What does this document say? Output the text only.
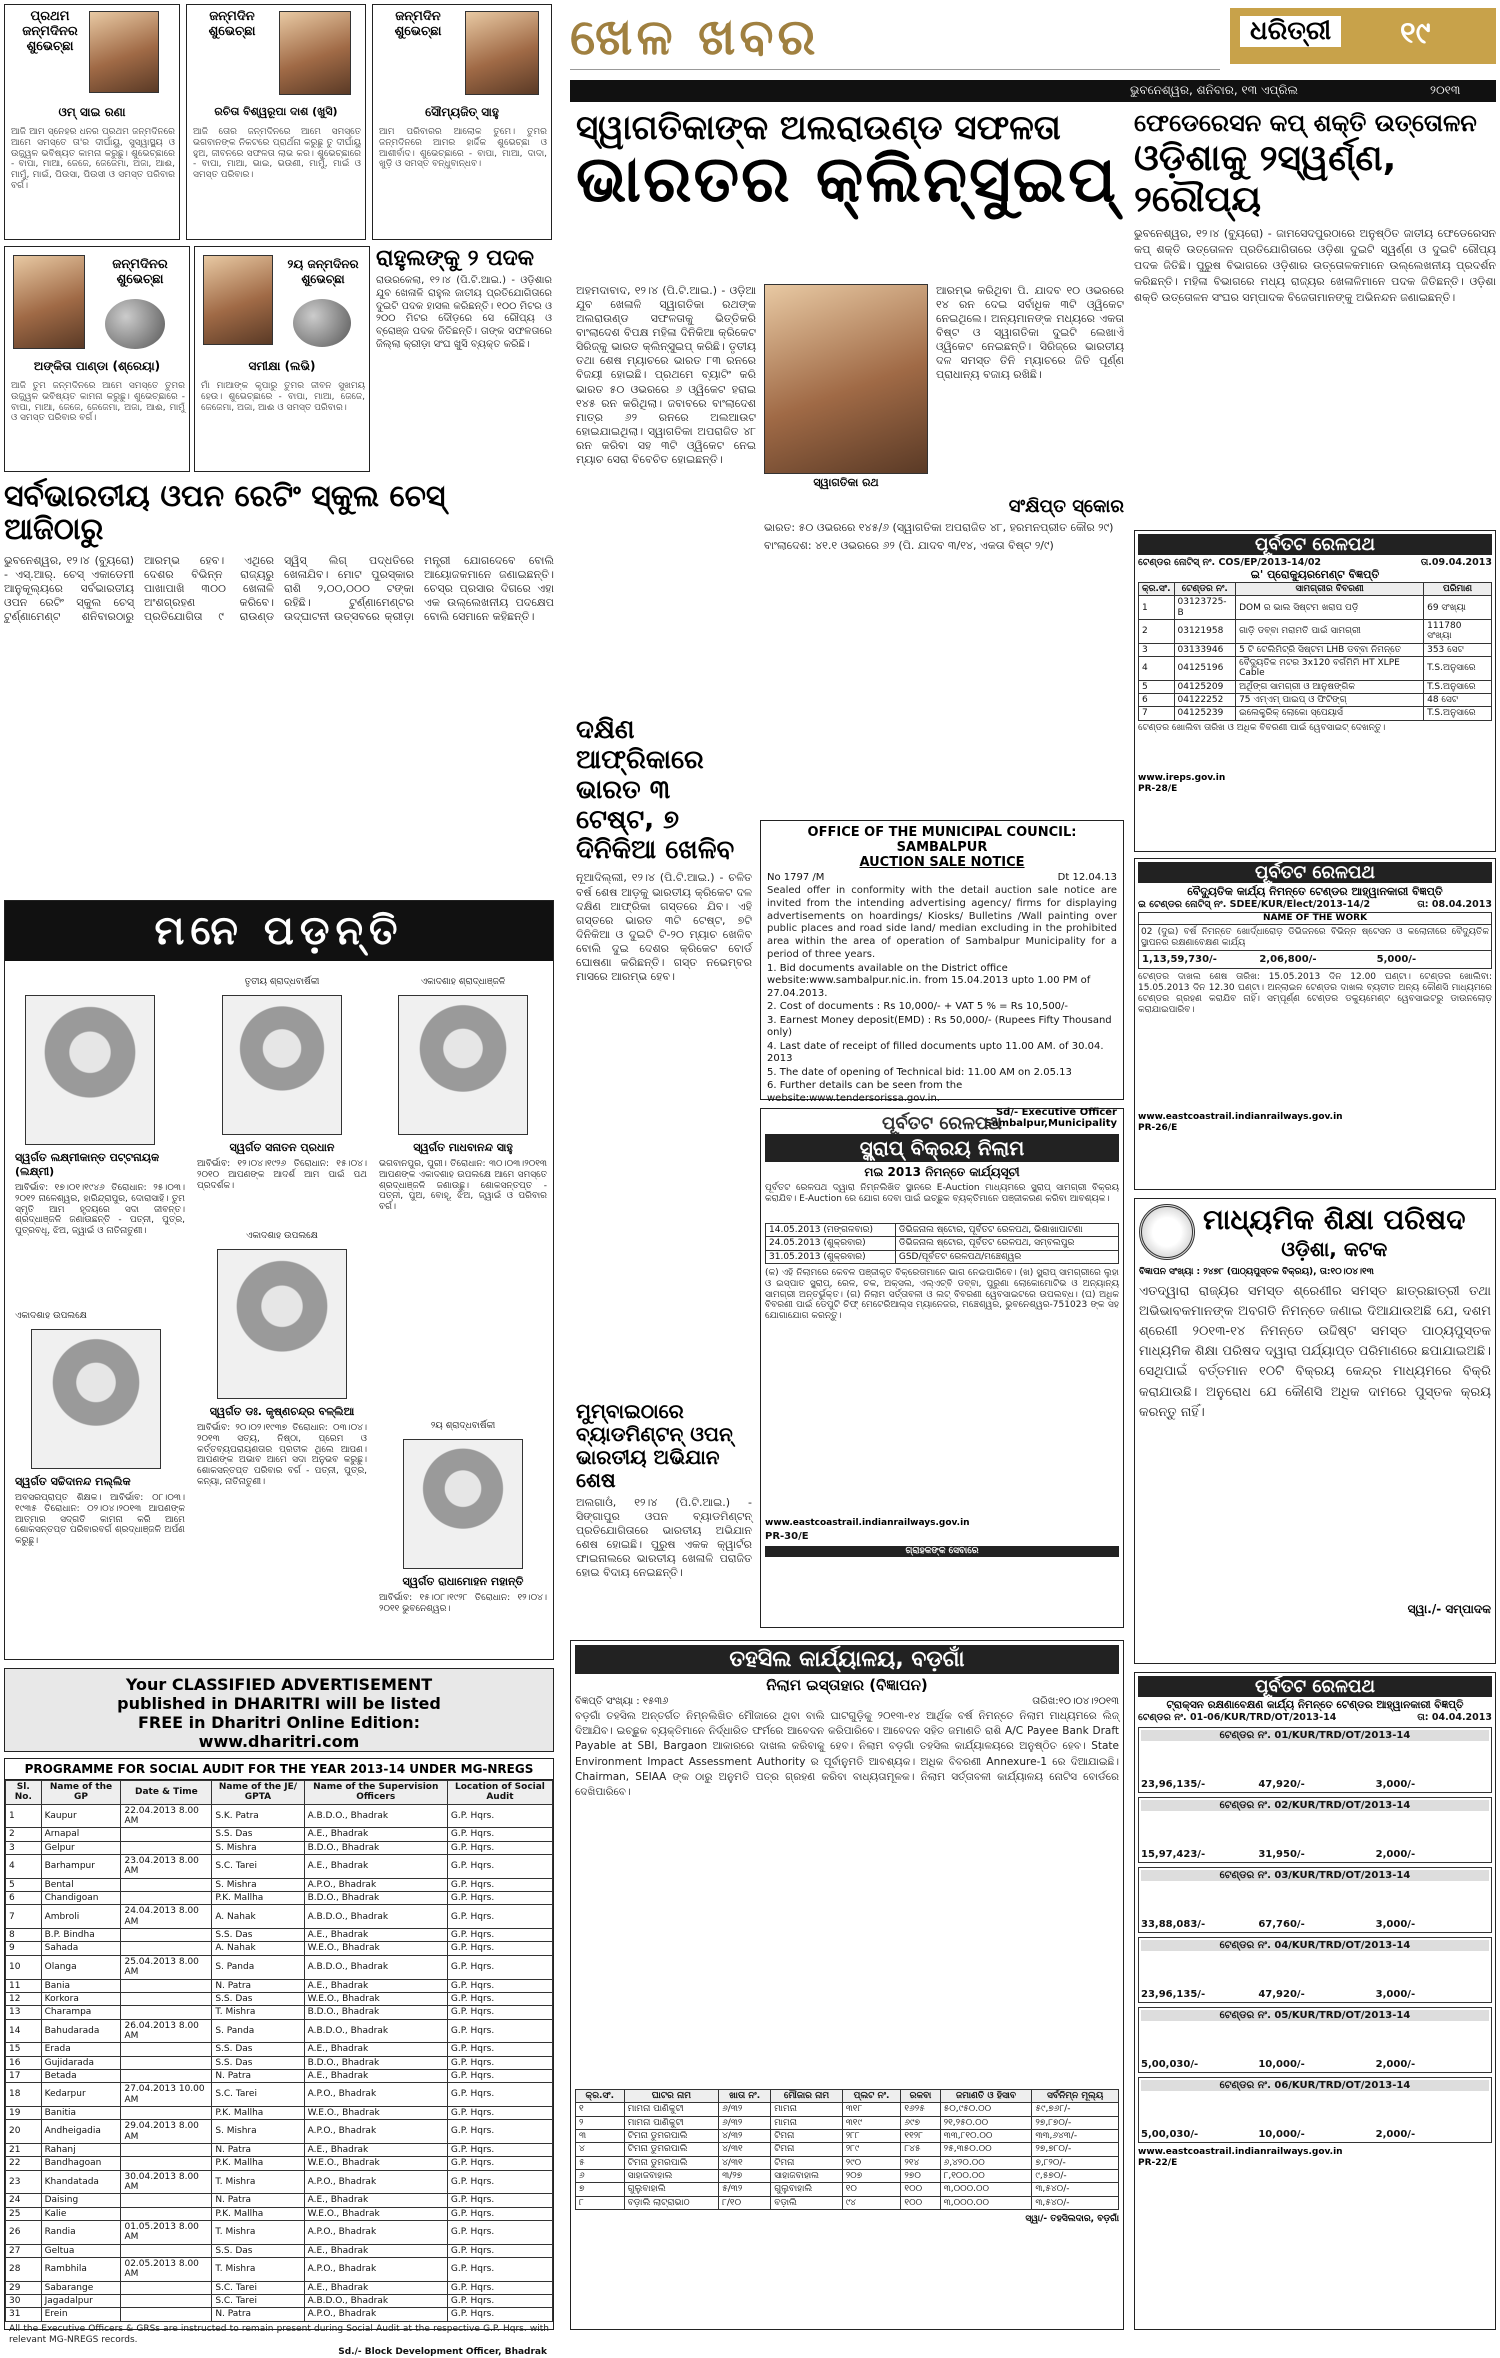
ପ୍ରଥମ ଜନ୍ମଦିନର ଶୁଭେଚ୍ଛା
ଓମ୍ ସାଇ ରଣା
ଆଜି ଆମ ସ୍ନେହର ଧନର ପ୍ରଥମ ଜନ୍ମଦିନରେ ଆମେ ସମସ୍ତେ ତା'ର ଦୀର୍ଘାୟୁ, ସୁସ୍ୱାସ୍ଥ୍ୟ ଓ ଉଜ୍ଜ୍ୱଳ ଭବିଷ୍ୟତ କାମନା କରୁଛୁ। ଶୁଭେଚ୍ଛାରେ - ବାପା, ମାଆ, ଜେଜେ, ଜେଜେମା, ଅଜା, ଆଈ, ମାମୁଁ, ମାଇଁ, ପିଉସା, ପିଉସୀ ଓ ସମସ୍ତ ପରିବାର ବର୍ଗ।
ଜନ୍ମଦିନ ଶୁଭେଚ୍ଛା
ରଚିତା ବିଶ୍ୱରୂପା ଦାଶ (ଖୁସି)
ଆଜି ତୋର ଜନ୍ମଦିନରେ ଆମେ ସମସ୍ତେ ଭଗବାନଙ୍କ ନିକଟରେ ପ୍ରାର୍ଥନା କରୁଛୁ ତୁ ଦୀର୍ଘାୟୁ ହୁଅ, ଜୀବନରେ ସଫଳତା ଲାଭ କର। ଶୁଭେଚ୍ଛାରେ - ବାପା, ମାଆ, ଭାଇ, ଭଉଣୀ, ମାମୁଁ, ମାଇଁ ଓ ସମସ୍ତ ପରିବାର।
ଜନ୍ମଦିନ ଶୁଭେଚ୍ଛା
ସୌମ୍ୟଜିତ୍ ସାହୁ
ଆମ ପରିବାରର ଆଲୋକ ତୁମେ। ତୁମର ଜନ୍ମଦିନରେ ଆମର ହାର୍ଦ୍ଦିକ ଶୁଭେଚ୍ଛା ଓ ଆଶୀର୍ବାଦ। ଶୁଭେଚ୍ଛାରେ - ବାପା, ମାଆ, ଦାଦା, ଖୁଡ଼ି ଓ ସମସ୍ତ ବନ୍ଧୁବାନ୍ଧବ।
ଜନ୍ମଦିନର ଶୁଭେଚ୍ଛା
ଅଙ୍କିତା ପାଣ୍ଡା (ଶ୍ରେୟା)
ଆଜି ତୁମ ଜନ୍ମଦିନରେ ଆମେ ସମସ୍ତେ ତୁମର ଉଜ୍ଜ୍ୱଳ ଭବିଷ୍ୟତ କାମନା କରୁଛୁ। ଶୁଭେଚ୍ଛାରେ - ବାପା, ମାଆ, ଜେଜେ, ଜେଜେମା, ଅଜା, ଆଈ, ମାମୁଁ ଓ ସମସ୍ତ ପରିବାର ବର୍ଗ।
୨ୟ ଜନ୍ମଦିନର ଶୁଭେଚ୍ଛା
ସମୀକ୍ଷା (ଲଭି)
ମାଁ ମାଆଙ୍କ କୃପାରୁ ତୁମର ଜୀବନ ସୁଖମୟ ହେଉ। ଶୁଭେଚ୍ଛାରେ - ବାପା, ମାଆ, ଜେଜେ, ଜେଜେମା, ଅଜା, ଆଈ ଓ ସମସ୍ତ ପରିବାର।
ରାହୁଲଙ୍କୁ ୨ ପଦକ
ରାଉରକେଲା, ୧୨।୪ (ପି.ଟି.ଆଇ.) - ଓଡ଼ିଶାର ଯୁବ ଖେଳାଳି ରାହୁଲ ଜାତୀୟ ପ୍ରତିଯୋଗିତାରେ ଦୁଇଟି ପଦକ ହାସଲ କରିଛନ୍ତି। ୧୦୦ ମିଟର ଓ ୨୦୦ ମିଟର ଦୌଡ଼ରେ ସେ ରୌପ୍ୟ ଓ ବ୍ରୋଞ୍ଜ ପଦକ ଜିତିଛନ୍ତି। ତାଙ୍କ ସଫଳତାରେ ଜିଲ୍ଲା କ୍ରୀଡ଼ା ସଂଘ ଖୁସି ବ୍ୟକ୍ତ କରିଛି।
ସର୍ବଭାରତୀୟ ଓପନ ରେଟିଂ ସ୍କୁଲ ଚେସ୍ ଆଜିଠାରୁ
ଭୁବନେଶ୍ୱର, ୧୨।୪ (ବ୍ୟୁରୋ) - ଏସ୍.ଆର୍. ଚେସ୍ ଏକାଡେମୀ ଆନୁକୂଲ୍ୟରେ ସର୍ବଭାରତୀୟ ଓପନ ରେଟିଂ ସ୍କୁଲ ଚେସ୍ ଟୁର୍ଣ୍ଣାମେଣ୍ଟ ଶନିବାରଠାରୁ ଆରମ୍ଭ ହେବ। ଏଥିରେ ଦେଶର ବିଭିନ୍ନ ରାଜ୍ୟରୁ ପାଖାପାଖି ୩୦୦ ଖେଳାଳି ଅଂଶଗ୍ରହଣ କରିବେ। ପ୍ରତିଯୋଗିତା ୯ ରାଉଣ୍ଡ ସ୍ୱିସ୍ ଲିଗ୍ ପଦ୍ଧତିରେ ଖେଳାଯିବ। ମୋଟ ପୁରସ୍କାର ରାଶି ୨,୦୦,୦୦୦ ଟଙ୍କା ରହିଛି। ଟୁର୍ଣ୍ଣାମେଣ୍ଟର ଉଦ୍‌ଘାଟନୀ ଉତ୍ସବରେ କ୍ରୀଡ଼ା ମନ୍ତ୍ରୀ ଯୋଗଦେବେ ବୋଲି ଆୟୋଜକମାନେ ଜଣାଇଛନ୍ତି। ଚେସ୍‌ର ପ୍ରସାର ଦିଗରେ ଏହା ଏକ ଉଲ୍ଲେଖନୀୟ ପଦକ୍ଷେପ ବୋଲି ସେମାନେ କହିଛନ୍ତି।
ମନେ ପଡ଼ନ୍ତି
ସ୍ୱର୍ଗତ ଲକ୍ଷ୍ମୀକାନ୍ତ ପଟ୍ଟନାୟକ (ଲକ୍ଷ୍ମୀ)
ଆବିର୍ଭାବ: ୧୭।୦୧।୧୯୪୬ ତିରୋଧାନ: ୨୫।୦୩।୨୦୧୨ ନାଳେଶ୍ୱର, ହାରିନ୍ଦ୍ରାପୁର, ଦୋରାସାହି। ତୁମ ସ୍ମୃତି ଆମ ହୃଦୟରେ ସଦା ଜୀବନ୍ତ। ଶ୍ରଦ୍ଧାଞ୍ଜଳି ଜଣାଉଛନ୍ତି - ପତ୍ନୀ, ପୁତ୍ର, ପୁତ୍ରବଧୂ, ଝିଅ, ଜ୍ୱାଇଁ ଓ ନାତିନାତୁଣୀ।
ତୃତୀୟ ଶ୍ରାଦ୍ଧବାର୍ଷିକୀ
ସ୍ୱର୍ଗତ ସନାତନ ପ୍ରଧାନ
ଆବିର୍ଭାବ: ୧୨।୦୪।୧୯୨୬ ତିରୋଧାନ: ୧୫।୦୪।୨୦୧୦ ଆପଣଙ୍କ ଆଦର୍ଶ ଆମ ପାଇଁ ପଥ ପ୍ରଦର୍ଶକ।
ଏକାଦଶାହ ଶ୍ରାଦ୍ଧାଞ୍ଜଳି
ସ୍ୱର୍ଗତ ମାଧବାନନ୍ଦ ସାହୁ
ଭଗବାନପୁର, ପୁରୀ। ତିରୋଧାନ: ୩୦।୦୩।୨୦୧୩ ଆପଣଙ୍କ ଏକାଦଶାହ ଉପଲକ୍ଷେ ଆମେ ସମସ୍ତେ ଶ୍ରଦ୍ଧାଞ୍ଜଳି ଜଣାଉଛୁ। ଶୋକସନ୍ତପ୍ତ - ପତ୍ନୀ, ପୁଅ, ବୋହୂ, ଝିଅ, ଜ୍ୱାଇଁ ଓ ପରିବାର ବର୍ଗ।
ଏକାଦଶାହ ଉପଲକ୍ଷେ
ସ୍ୱର୍ଗତ ଡଃ. କୃଷ୍ଣଚନ୍ଦ୍ର ବଳ୍ଲିଆ
ଆବିର୍ଭାବ: ୨୦।୦୨।୧୯୩୭ ତିରୋଧାନ: ୦୩।୦୪।୨୦୧୩ ସତ୍ୟ, ନିଷ୍ଠା, ପ୍ରେମ ଓ କର୍ତ୍ତବ୍ୟପରାୟଣତାର ପ୍ରତୀକ ଥିଲେ ଆପଣ। ଆପଣଙ୍କ ଅଭାବ ଆମେ ସଦା ଅନୁଭବ କରୁଛୁ। ଶୋକସନ୍ତପ୍ତ ପରିବାର ବର୍ଗ - ପତ୍ନୀ, ପୁତ୍ର, କନ୍ୟା, ନାତିନାତୁଣୀ।
ଏକାଦଶାହ ଉପଲକ୍ଷେ
ସ୍ୱର୍ଗତ ସଚ୍ଚିଦାନନ୍ଦ ମଲ୍ଲିକ
ଅବସରପ୍ରାପ୍ତ ଶିକ୍ଷକ। ଆବିର୍ଭାବ: ୦୮।୦୩।୧୯୩୫ ତିରୋଧାନ: ୦୨।୦୪।୨୦୧୩ ଆପଣଙ୍କ ଆତ୍ମାର ସଦ୍‌ଗତି କାମନା କରି ଆମେ ଶୋକସନ୍ତପ୍ତ ପରିବାରବର୍ଗ ଶ୍ରଦ୍ଧାଞ୍ଜଳି ଅର୍ପଣ କରୁଛୁ।
୨ୟ ଶ୍ରାଦ୍ଧବାର୍ଷିକୀ
ସ୍ୱର୍ଗତ ରାଧାମୋହନ ମହାନ୍ତି
ଆବିର୍ଭାବ: ୧୫।୦୮।୧୯୨୮ ତିରୋଧାନ: ୧୨।୦୪।୨୦୧୧ ଭୁବନେଶ୍ୱର।
Your CLASSIFIED ADVERTISEMENT
published in DHARITRI will be listed
FREE in Dharitri Online Edition:
www.dharitri.com
PROGRAMME FOR SOCIAL AUDIT FOR THE YEAR 2013-14 UNDER MG-NREGS
Sl. No.	Name of the GP	Date & Time	Name of the JE/ GPTA	Name of the Supervision Officers	Location of Social Audit
1	Kaupur	22.04.2013 8.00 AM	S.K. Patra	A.B.D.O., Bhadrak	G.P. Hqrs.
2	Arnapal		S.S. Das	A.E., Bhadrak	G.P. Hqrs.
3	Gelpur		S. Mishra	B.D.O., Bhadrak	G.P. Hqrs.
4	Barhampur	23.04.2013 8.00 AM	S.C. Tarei	A.E., Bhadrak	G.P. Hqrs.
5	Bental		S. Mishra	A.P.O., Bhadrak	G.P. Hqrs.
6	Chandigoan		P.K. Mallha	B.D.O., Bhadrak	G.P. Hqrs.
7	Ambroli	24.04.2013 8.00 AM	A. Nahak	A.B.D.O., Bhadrak	G.P. Hqrs.
8	B.P. Bindha		S.S. Das	A.E., Bhadrak	G.P. Hqrs.
9	Sahada		A. Nahak	W.E.O., Bhadrak	G.P. Hqrs.
10	Olanga	25.04.2013 8.00 AM	S. Panda	A.B.D.O., Bhadrak	G.P. Hqrs.
11	Bania		N. Patra	A.E., Bhadrak	G.P. Hqrs.
12	Korkora		S.S. Das	W.E.O., Bhadrak	G.P. Hqrs.
13	Charampa		T. Mishra	B.D.O., Bhadrak	G.P. Hqrs.
14	Bahudarada	26.04.2013 8.00 AM	S. Panda	A.B.D.O., Bhadrak	G.P. Hqrs.
15	Erada		S.S. Das	A.E., Bhadrak	G.P. Hqrs.
16	Gujidarada		S.S. Das	B.D.O., Bhadrak	G.P. Hqrs.
17	Betada		N. Patra	A.E., Bhadrak	G.P. Hqrs.
18	Kedarpur	27.04.2013 10.00 AM	S.C. Tarei	A.P.O., Bhadrak	G.P. Hqrs.
19	Banitia		P.K. Mallha	W.E.O., Bhadrak	G.P. Hqrs.
20	Andheigadia	29.04.2013 8.00 AM	S. Mishra	A.P.O., Bhadrak	G.P. Hqrs.
21	Rahanj		N. Patra	A.E., Bhadrak	G.P. Hqrs.
22	Bandhagoan		P.K. Mallha	W.E.O., Bhadrak	G.P. Hqrs.
23	Khandatada	30.04.2013 8.00 AM	T. Mishra	A.P.O., Bhadrak	G.P. Hqrs.
24	Daising		N. Patra	A.E., Bhadrak	G.P. Hqrs.
25	Kalie		P.K. Mallha	W.E.O., Bhadrak	G.P. Hqrs.
26	Randia	01.05.2013 8.00 AM	T. Mishra	A.P.O., Bhadrak	G.P. Hqrs.
27	Geltua		S.S. Das	A.E., Bhadrak	G.P. Hqrs.
28	Rambhila	02.05.2013 8.00 AM	T. Mishra	A.P.O., Bhadrak	G.P. Hqrs.
29	Sabarange		S.C. Tarei	A.E., Bhadrak	G.P. Hqrs.
30	Jagadalpur		S.C. Tarei	A.B.D.O., Bhadrak	G.P. Hqrs.
31	Erein		N. Patra	A.P.O., Bhadrak	G.P. Hqrs.
All the Executive Officers & GRSs are instructed to remain present during Social Audit at the respective G.P. Hqrs. with relevant MG-NREGS records.
Sd./- Block Development Officer, Bhadrak
ଖେଳ ଖବର	ଧରିତ୍ରୀ	୧୯
ଭୁବନେଶ୍ୱର, ଶନିବାର, ୧୩ ଏପ୍ରିଲ	୨୦୧୩
ସ୍ୱାଗତିକାଙ୍କ ଅଲରାଉଣ୍ଡ ସଫଳତା
ଭାରତର କ୍ଲିନ୍‌ସୁଇପ୍
ଅହମଦାବାଦ, ୧୨।୪ (ପି.ଟି.ଆଇ.) - ଓଡ଼ିଆ ଯୁବ ଖେଳାଳି ସ୍ୱାଗତିକା ରଥଙ୍କ ଅଲରାଉଣ୍ଡ ସଫଳତାକୁ ଭିତ୍ତିକରି ବାଂଲାଦେଶ ବିପକ୍ଷ ମହିଳା ଦିନିକିଆ କ୍ରିକେଟ ସିରିଜ୍‌କୁ ଭାରତ କ୍ଲିନ୍‌ସୁଇପ୍ କରିଛି। ତୃତୀୟ ତଥା ଶେଷ ମ୍ୟାଚରେ ଭାରତ ୮୩ ରନରେ ବିଜୟୀ ହୋଇଛି। ପ୍ରଥମେ ବ୍ୟାଟିଂ କରି ଭାରତ ୫୦ ଓଭରରେ ୬ ଓ୍ୱିକେଟ ହରାଇ ୧୪୫ ରନ କରିଥିଲା। ଜବାବରେ ବାଂଲାଦେଶ ମାତ୍ର ୬୨ ରନରେ ଅଲଆଉଟ ହୋଇଯାଇଥିଲା। ସ୍ୱାଗତିକା ଅପରାଜିତ ୪୮ ରନ କରିବା ସହ ୩ଟି ଓ୍ୱିକେଟ ନେଇ ମ୍ୟାଚ ସେରା ବିବେଚିତ ହୋଇଛନ୍ତି।
ସ୍ୱାଗତିକା ରଥ
ଆରମ୍ଭ କରିଥିବା ପି. ଯାଦବ ୧୦ ଓଭରରେ ୧୪ ରନ ଦେଇ ସର୍ବାଧିକ ୩ଟି ଓ୍ୱିକେଟ ନେଇଥିଲେ। ଅନ୍ୟମାନଙ୍କ ମଧ୍ୟରେ ଏକତା ବିଷ୍ଟ ଓ ସ୍ୱାଗତିକା ଦୁଇଟି ଲେଖାଏଁ ଓ୍ୱିକେଟ ନେଇଛନ୍ତି। ସିରିଜ୍‌ରେ ଭାରତୀୟ ଦଳ ସମସ୍ତ ତିନି ମ୍ୟାଚରେ ଜିତି ପୂର୍ଣ୍ଣ ପ୍ରାଧାନ୍ୟ ବଜାୟ ରଖିଛି।
ସଂକ୍ଷିପ୍ତ ସ୍କୋର
ଭାରତ: ୫୦ ଓଭରରେ ୧୪୫/୬ (ସ୍ୱାଗତିକା ଅପରାଜିତ ୪୮, ହରମନପ୍ରୀତ କୌର ୨୯)
ବାଂଲାଦେଶ: ୪୧.୧ ଓଭରରେ ୬୨ (ପି. ଯାଦବ ୩/୧୪, ଏକତା ବିଷ୍ଟ ୨/୯)
ଦକ୍ଷିଣ ଆଫ୍ରିକାରେ ଭାରତ ୩ ଟେଷ୍ଟ, ୭ ଦିନିକିଆ ଖେଳିବ
ନୂଆଦିଲ୍ଲୀ, ୧୨।୪ (ପି.ଟି.ଆଇ.) - ଚଳିତ ବର୍ଷ ଶେଷ ଆଡ଼କୁ ଭାରତୀୟ କ୍ରିକେଟ ଦଳ ଦକ୍ଷିଣ ଆଫ୍ରିକା ଗସ୍ତରେ ଯିବ। ଏହି ଗସ୍ତରେ ଭାରତ ୩ଟି ଟେଷ୍ଟ, ୭ଟି ଦିନିକିଆ ଓ ଦୁଇଟି ଟି-୨୦ ମ୍ୟାଚ ଖେଳିବ ବୋଲି ଦୁଇ ଦେଶର କ୍ରିକେଟ ବୋର୍ଡ ଘୋଷଣା କରିଛନ୍ତି। ଗସ୍ତ ନଭେମ୍ବର ମାସରେ ଆରମ୍ଭ ହେବ।
OFFICE OF THE MUNICIPAL COUNCIL: SAMBALPUR
AUCTION SALE NOTICE
No 1797 /M	Dt 12.04.13
Sealed offer in conformity with the detail auction sale notice are invited from the intending advertising agency/ firms for displaying advertisements on hoardings/ Kiosks/ Bulletins /Wall painting over public places and road side land/ median excluding in the prohibited area within the area of operation of Sambalpur Municipality for a period of three years.
1. Bid documents available on the District office website:www.sambalpur.nic.in. from 15.04.2013 upto 1.00 PM of 27.04.2013.
2. Cost of documents : Rs 10,000/- + VAT 5 % = Rs 10,500/-
3. Earnest Money deposit(EMD) : Rs 50,000/- (Rupees Fifty Thousand only)
4. Last date of receipt of filled documents upto 11.00 AM. of 30.04. 2013
5. The date of opening of Technical bid: 11.00 AM on 2.05.13
6. Further details can be seen from the website:www.tendersorissa.gov.in.
Sd/- Executive Officer
Sambalpur,Municipality
ମୁମ୍ବାଇଠାରେ ବ୍ୟାଡମିଣ୍ଟନ୍ ଓପନ୍ ଭାରତୀୟ ଅଭିଯାନ ଶେଷ
ଅଲଗାଓଁ, ୧୨।୪ (ପି.ଟି.ଆଇ.) - ସିଙ୍ଗାପୁର ଓପନ ବ୍ୟାଡମିଣ୍ଟନ୍ ପ୍ରତିଯୋଗିତାରେ ଭାରତୀୟ ଅଭିଯାନ ଶେଷ ହୋଇଛି। ପୁରୁଷ ଏକକ କ୍ୱାର୍ଟର ଫାଇନାଲରେ ଭାରତୀୟ ଖେଳାଳି ପରାଜିତ ହୋଇ ବିଦାୟ ନେଇଛନ୍ତି।
ପୂର୍ବତଟ ରେଳପଥ
ସ୍କ୍ରାପ୍ ବିକ୍ରୟ ନିଲାମ
ମଇ 2013 ନିମନ୍ତେ କାର୍ଯ୍ୟସୂଚୀ
ପୂର୍ବତଟ ରେଳପଥ ଦ୍ୱାରା ନିମ୍ନଲିଖିତ ସ୍ଥାନରେ E-Auction ମାଧ୍ୟମରେ ସ୍କ୍ରାପ୍ ସାମଗ୍ରୀ ବିକ୍ରୟ କରାଯିବ। E-Auction ରେ ଯୋଗ ଦେବା ପାଇଁ ଇଚ୍ଛୁକ ବ୍ୟକ୍ତିମାନେ ପଞ୍ଜୀକରଣ କରିବା ଆବଶ୍ୟକ।
14.05.2013 (ମଙ୍ଗଳବାର)	ଡିଭିଜନାଲ ଷ୍ଟୋର, ପୂର୍ବତଟ ରେଳପଥ, ଭିଶାଖାପାଟଣା
24.05.2013 (ଶୁକ୍ରବାର)	ଡିଭିଜନାଲ ଷ୍ଟୋର, ପୂର୍ବତଟ ରେଳପଥ, ସମ୍ବଲପୁର
31.05.2013 (ଶୁକ୍ରବାର)	GSD/ପୂର୍ବତଟ ରେଳପଥ/ମଞ୍ଚେଶ୍ୱର
(କ) ଏହି ନିଲାମରେ କେବଳ ପଞ୍ଜୀକୃତ ବିକ୍ରେତାମାନେ ଭାଗ ନେଇପାରିବେ। (ଖ) ସ୍କ୍ରାପ୍ ସାମଗ୍ରୀରେ ଲୁହା ଓ ଇସ୍ପାତ ସ୍କ୍ରାପ୍, ରେଳ, ଚକ, ଅକ୍ସଲ, ଏଲ୍ଏଚ୍ବି ଡବ୍ବା, ପୁରୁଣା ଲୋକୋମୋଟିଭ ଓ ଅନ୍ୟାନ୍ୟ ସାମଗ୍ରୀ ଅନ୍ତର୍ଭୁକ୍ତ। (ଗ) ନିଲାମ ସର୍ତ୍ତାବଳୀ ଓ ଲଟ୍ ବିବରଣୀ ୱେବସାଇଟରେ ଉପଲବ୍ଧ। (ଘ) ଅଧିକ ବିବରଣୀ ପାଇଁ ଡେପୁଟି ଚିଫ୍ ମେଟେରିଆଲ୍ସ ମ୍ୟାନେଜର, ମଞ୍ଚେଶ୍ୱର, ଭୁବନେଶ୍ୱର-751023 ଙ୍କ ସହ ଯୋଗାଯୋଗ କରନ୍ତୁ।
www.eastcoastrail.indianrailways.gov.in
PR-30/E
ଗ୍ରାହକଙ୍କ ସେବାରେ
ତହସିଲ କାର୍ଯ୍ୟାଳୟ, ବଡ଼ଗାଁ
ନିଲାମ ଇସ୍ତାହାର (ବିଜ୍ଞାପନ)
ବିଜ୍ଞପ୍ତି ସଂଖ୍ୟା : ୧୫୩୬	ତାରିଖ:୧୦।୦୪।୨୦୧୩
ବଡ଼ଗାଁ ତହସିଲ ଅନ୍ତର୍ଗତ ନିମ୍ନଲିଖିତ ମୌଜାରେ ଥିବା ବାଲି ଘାଟଗୁଡ଼ିକୁ ୨୦୧୩-୧୪ ଆର୍ଥିକ ବର୍ଷ ନିମନ୍ତେ ନିଲାମ ମାଧ୍ୟମରେ ଲିଜ୍ ଦିଆଯିବ। ଇଚ୍ଛୁକ ବ୍ୟକ୍ତିମାନେ ନିର୍ଦ୍ଧାରିତ ଫର୍ମରେ ଆବେଦନ କରିପାରିବେ। ଆବେଦନ ସହିତ ଜମାଣତି ରାଶି A/C Payee Bank Draft Payable at SBI, Bargaon ଆକାରରେ ଦାଖଲ କରିବାକୁ ହେବ। ନିଲାମ ବଡ଼ଗାଁ ତହସିଲ କାର୍ଯ୍ୟାଳୟରେ ଅନୁଷ୍ଠିତ ହେବ। State Environment Impact Assessment Authority ର ପୂର୍ବାନୁମତି ଆବଶ୍ୟକ। ଅଧିକ ବିବରଣୀ Annexure-1 ରେ ଦିଆଯାଇଛି। Chairman, SEIAA ଙ୍କ ଠାରୁ ଅନୁମତି ପତ୍ର ଗ୍ରହଣ କରିବା ବାଧ୍ୟତାମୂଳକ। ନିଲାମ ସର୍ତ୍ତାବଳୀ କାର୍ଯ୍ୟାଳୟ ନୋଟିସ ବୋର୍ଡରେ ଦେଖିପାରିବେ।
କ୍ର.ସଂ.	ଘାଟର ନାମ	ଖାତା ନଂ.	ମୌଜାର ନାମ	ପ୍ଲଟ ନଂ.	ରକବା	ଜମାଣତି ଓ ହିସାବ	ସର୍ବନିମ୍ନ ମୂଲ୍ୟ
୧	ମାମନା ପାଣିକୁଟୀ	୬/୩୨	ମାମନା	୩୧୮	୧୬୨୫	୫୦,୯୫୦.୦୦	୫୯,୭୬୮/-
୨	ମାମନା ପାଣିକୁଟୀ	୬/୩୨	ମାମନା	୩୧୯	୬୯୭	୨୧,୨୫୦.୦୦	୨୭,୮୭୦/-
୩	ଟିମନା ଡୁମରପାଲି	୪/୩୨	ଟିମନା	୨୮୮	୧୧୨୮	୩୩,୮୧୦.୦୦	୩୩,୬୪୩/-
୪	ଟିମନା ଡୁମରପାଲି	୪/୩୧	ଟିମନା	୨୮୯	୮୪୫	୨୫,୩୫୦.୦୦	୨୭,୭୮୦/-
୫	ଟିମନା ଡୁମରପାଲି	୪/୩୧	ଟିମନା	୨୯୦	୨୧୪	୬,୪୨୦.୦୦	୭,୮୨୦/-
୬	ସାହାଜବାହାଲ	୩/୨୭	ସାହାଜବାହାଲ	୨୦୭	୨୭୦	୮,୧୦୦.୦୦	୯,୫୭୦/-
୭	ଗୁଲୁବାହାଲି	୫/୩୨	ଗୁଲୁବାହାଲି	୧୦	୧୦୦	୩,୦୦୦.୦୦	୩,୫୪୦/-
୮	ବଡ଼ାଲି ଲାଟ୍ରାଭାଠ	୮/୧୦	ବଡ଼ାଲି	୯୪	୧୦୦	୩,୦୦୦.୦୦	୩,୫୪୦/-
ସ୍ୱା/- ତହସିଲଦାର, ବଡ଼ଗାଁ
ଫେଡେରେସନ କପ୍ ଶକ୍ତି ଉତ୍ତୋଳନ
ଓଡ଼ିଶାକୁ ୨ସ୍ୱର୍ଣ୍ଣ, ୨ରୌପ୍ୟ
ଭୁବନେଶ୍ୱର, ୧୨।୪ (ବ୍ୟୁରୋ) - ଜାମସେଦପୁରଠାରେ ଅନୁଷ୍ଠିତ ଜାତୀୟ ଫେଡେରେସନ କପ୍ ଶକ୍ତି ଉତ୍ତୋଳନ ପ୍ରତିଯୋଗିତାରେ ଓଡ଼ିଶା ଦୁଇଟି ସ୍ୱର୍ଣ୍ଣ ଓ ଦୁଇଟି ରୌପ୍ୟ ପଦକ ଜିତିଛି। ପୁରୁଷ ବିଭାଗରେ ଓଡ଼ିଶାର ଉତ୍ତୋଳକମାନେ ଉଲ୍ଲେଖନୀୟ ପ୍ରଦର୍ଶନ କରିଛନ୍ତି। ମହିଳା ବିଭାଗରେ ମଧ୍ୟ ରାଜ୍ୟର ଖେଳାଳିମାନେ ପଦକ ଜିତିଛନ୍ତି। ଓଡ଼ିଶା ଶକ୍ତି ଉତ୍ତୋଳନ ସଂଘର ସମ୍ପାଦକ ବିଜେତାମାନଙ୍କୁ ଅଭିନନ୍ଦନ ଜଣାଇଛନ୍ତି।
ପୂର୍ବତଟ ରେଳପଥ
ଟେଣ୍ଡର ନୋଟିସ୍ ନଂ. COS/EP/2013-14/02	ତା.09.04.2013
ଇ' ପ୍ରୋକ୍ୟୁରମେଣ୍ଟ ବିଜ୍ଞପ୍ତି
କ୍ର.ସଂ.	ଟେଣ୍ଡର ନଂ.	ସାମଗ୍ରୀର ବିବରଣୀ	ପରିମାଣ
1	03123725-B	DOM ର ଭାଲ ସିଷ୍ଟମ ଖରାପ ପଡ଼ି	69 ସଂଖ୍ୟା
2	03121958	ଗାଡ଼ି ଡବ୍ବା ମରାମତି ପାଇଁ ସାମଗ୍ରୀ	111780 ସଂଖ୍ୟା
3	03133946	5 ଟି ଟେଲିମିଟ୍ରି ସିଷ୍ଟମ LHB ଡବ୍ବା ନିମନ୍ତେ	353 ସେଟ
4	04125196	ବୈଦ୍ୟୁତିକ ମଟର 3x120 ବର୍ଗମିମି HT XLPE Cable	T.S.ଅନୁସାରେ
5	04125209	ଅର୍ଥିଙ୍ଗ ସାମଗ୍ରୀ ଓ ଆନୁଷଙ୍ଗିକ	T.S.ଅନୁସାରେ
6	04122252	75 ଏମ୍ଏମ୍ ପାଇପ୍ ଓ ଫିଟିଙ୍ଗ୍	48 ସେଟ
7	04125239	ଇଲେକ୍ଟ୍ରିକ୍ ଲୋକୋ ସ୍ପେୟାର୍ସ	T.S.ଅନୁସାରେ
ଟେଣ୍ଡର ଖୋଲିବା ତାରିଖ ଓ ଅଧିକ ବିବରଣୀ ପାଇଁ ୱେବସାଇଟ୍ ଦେଖନ୍ତୁ।
www.ireps.gov.in
PR-28/E
ପୂର୍ବତଟ ରେଳପଥ
ବୈଦ୍ୟୁତିକ କାର୍ଯ୍ୟ ନିମନ୍ତେ ଟେଣ୍ଡର ଆହ୍ୱାନକାରୀ ବିଜ୍ଞପ୍ତି
ଇ ଟେଣ୍ଡର ନୋଟିସ୍ ନଂ. SDEE/KUR/Elect/2013-14/2	ତା: 08.04.2013
NAME OF THE WORK
02 (ଦୁଇ) ବର୍ଷ ନିମନ୍ତେ ଖୋର୍ଦ୍ଧାରୋଡ଼ ଡିଭିଜନରେ ବିଭିନ୍ନ ଷ୍ଟେସନ ଓ କଲୋନୀରେ ବୈଦ୍ୟୁତିକ ସ୍ଥାପନର ରକ୍ଷଣାବେକ୍ଷଣ କାର୍ଯ୍ୟ
1,13,59,730/-	2,06,800/-	5,000/-
ଟେଣ୍ଡର ଦାଖଲ ଶେଷ ତାରିଖ: 15.05.2013 ଦିନ 12.00 ଘଣ୍ଟା। ଟେଣ୍ଡର ଖୋଲିବା: 15.05.2013 ଦିନ 12.30 ଘଣ୍ଟା। ଅନ୍‌ଲାଇନ ଟେଣ୍ଡର ଦାଖଲ ବ୍ୟତୀତ ଅନ୍ୟ କୌଣସି ମାଧ୍ୟମରେ ଟେଣ୍ଡର ଗ୍ରହଣ କରାଯିବ ନାହିଁ। ସମ୍ପୂର୍ଣ୍ଣ ଟେଣ୍ଡର ଡକ୍ୟୁମେଣ୍ଟ ୱେବସାଇଟରୁ ଡାଉନଲୋଡ଼ କରାଯାଇପାରିବ।
www.eastcoastrail.indianrailways.gov.in
PR-26/E
ମାଧ୍ୟମିକ ଶିକ୍ଷା ପରିଷଦ
ଓଡ଼ିଶା, କଟକ
ବିଜ୍ଞାପନ ସଂଖ୍ୟା : ୨୪୭୮ (ପାଠ୍ୟପୁସ୍ତକ ବିକ୍ରୟ), ତା:୧୦।୦୪।୧୩
ଏତଦ୍ୱାରା ରାଜ୍ୟର ସମସ୍ତ ଶ୍ରେଣୀର ସମସ୍ତ ଛାତ୍ରଛାତ୍ରୀ ତଥା ଅଭିଭାବକମାନଙ୍କ ଅବଗତି ନିମନ୍ତେ ଜଣାଇ ଦିଆଯାଉଅଛି ଯେ, ଦଶମ ଶ୍ରେଣୀ ୨୦୧୩-୧୪ ନିମନ୍ତେ ଉଦ୍ଦିଷ୍ଟ ସମସ୍ତ ପାଠ୍ୟପୁସ୍ତକ ମାଧ୍ୟମିକ ଶିକ୍ଷା ପରିଷଦ ଦ୍ୱାରା ପର୍ଯ୍ୟାପ୍ତ ପରିମାଣରେ ଛପାଯାଇଅଛି। ସେଥିପାଇଁ ବର୍ତ୍ତମାନ ୧୦ଟି ବିକ୍ରୟ କେନ୍ଦ୍ର ମାଧ୍ୟମରେ ବିକ୍ରି କରାଯାଉଛି। ଅନୁରୋଧ ଯେ କୌଣସି ଅଧିକ ଦାମରେ ପୁସ୍ତକ କ୍ରୟ କରନ୍ତୁ ନାହିଁ।
ସ୍ୱା./- ସମ୍ପାଦକ
ପୂର୍ବତଟ ରେଳପଥ
ଟ୍ରାକ୍ସନ ରକ୍ଷଣାବେକ୍ଷଣ କାର୍ଯ୍ୟ ନିମନ୍ତେ ଟେଣ୍ଡର ଆହ୍ୱାନକାରୀ ବିଜ୍ଞପ୍ତି
ଟେଣ୍ଡର ନଂ. 01-06/KUR/TRD/OT/2013-14	ତା: 04.04.2013
ଟେଣ୍ଡର ନଂ. 01/KUR/TRD/OT/2013-14
23,96,135/-	47,920/-	3,000/-
ଟେଣ୍ଡର ନଂ. 02/KUR/TRD/OT/2013-14
15,97,423/-	31,950/-	2,000/-
ଟେଣ୍ଡର ନଂ. 03/KUR/TRD/OT/2013-14
33,88,083/-	67,760/-	3,000/-
ଟେଣ୍ଡର ନଂ. 04/KUR/TRD/OT/2013-14
23,96,135/-	47,920/-	3,000/-
ଟେଣ୍ଡର ନଂ. 05/KUR/TRD/OT/2013-14
5,00,030/-	10,000/-	2,000/-
ଟେଣ୍ଡର ନଂ. 06/KUR/TRD/OT/2013-14
5,00,030/-	10,000/-	2,000/-
www.eastcoastrail.indianrailways.gov.in
PR-22/E
